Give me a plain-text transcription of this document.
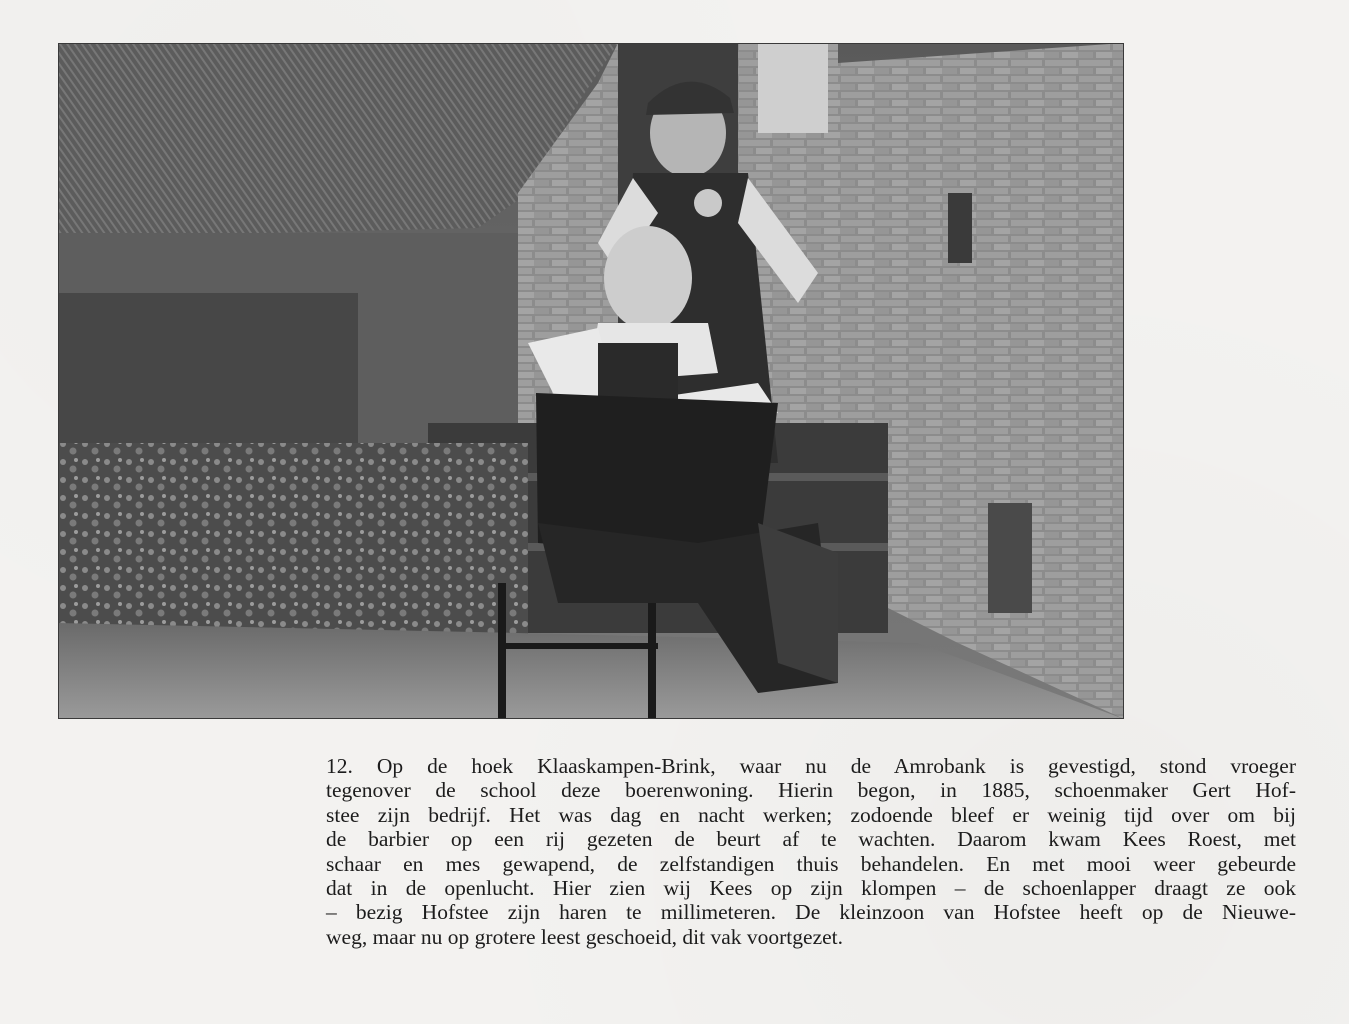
12. Op de hoek Klaaskampen-Brink, waar nu de Amrobank is gevestigd, stond vroeger
tegenover de school deze boerenwoning. Hierin begon, in 1885, schoenmaker Gert Hof-
stee zijn bedrijf. Het was dag en nacht werken; zodoende bleef er weinig tijd over om bij
de barbier op een rij gezeten de beurt af te wachten. Daarom kwam Kees Roest, met
schaar en mes gewapend, de zelfstandigen thuis behandelen. En met mooi weer gebeurde
dat in de openlucht. Hier zien wij Kees op zijn klompen – de schoenlapper draagt ze ook
– bezig Hofstee zijn haren te millimeteren. De kleinzoon van Hofstee heeft op de Nieuwe-
weg, maar nu op grotere leest geschoeid, dit vak voortgezet.
